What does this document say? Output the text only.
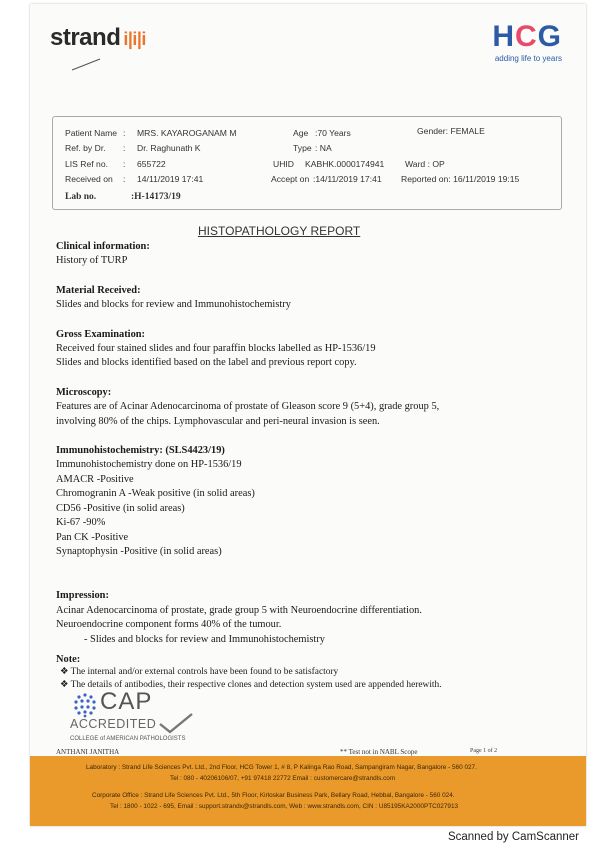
strand i|i|i	HCG
adding life to years
Patient Name : MRS. KAYAROGANAM M	Age :70 Years	Gender: FEMALE
Ref. by Dr. : Dr. Raghunath K	Type : NA
LIS Ref no. : 655722	UHID KABHK.0000174941 Ward : OP
Received on : 14/11/2019 17:41	Accept on :14/11/2019 17:41 Reported on: 16/11/2019 19:15
Lab no.	:H-14173/19
HISTOPATHOLOGY REPORT

Clinical information:

History of TURP

Material Received:

Slides and blocks for review and Immunohistochemistry

Gross Examination:

Received four stained slides and four paraffin blocks labelled as HP-1536/19

Slides and blocks identified based on the label and previous report copy.

Microscopy:

Features are of Acinar Adenocarcinoma of prostate of Gleason score 9 (5+4), grade group 5,

involving 80% of the chips. Lymphovascular and peri-neural invasion is seen.

Immunohistochemistry: (SLS4423/19)

Immunohistochemistry done on HP-1536/19

AMACR -Positive

Chromogranin A -Weak positive (in solid areas)

CD56 -Positive (in solid areas)

Ki-67 -90%

Pan CK -Positive

Synaptophysin -Positive (in solid areas)

Impression:

Acinar Adenocarcinoma of prostate, grade group 5 with Neuroendocrine differentiation.

Neuroendocrine component forms 40% of the tumour.

- Slides and blocks for review and Immunohistochemistry

Note:

❖ The internal and/or external controls have been found to be satisfactory

❖ The details of antibodies, their respective clones and detection system used are appended herewith.

CAP
ACCREDITED
COLLEGE of AMERICAN PATHOLOGISTS
ANTHANI JANITHA	** Test not in NABL Scope	Page 1 of 2
Laboratory : Strand Life Sciences Pvt. Ltd., 2nd Floor, HCG Tower 1, # 8, P Kalinga Rao Road, Sampangiram Nagar, Bangalore - 560 027.
Tel : 080 - 40206106/07, +91 97418 22772 Email : customercare@strandls.com
Corporate Office : Strand Life Sciences Pvt. Ltd., 5th Floor, Kirloskar Business Park, Bellary Road, Hebbal, Bangalore - 560 024.
Tel : 1800 - 1022 - 695, Email : support.strandx@strandls.com, Web : www.strandls.com, CIN : U85195KA2000PTC027913
Scanned by CamScanner
